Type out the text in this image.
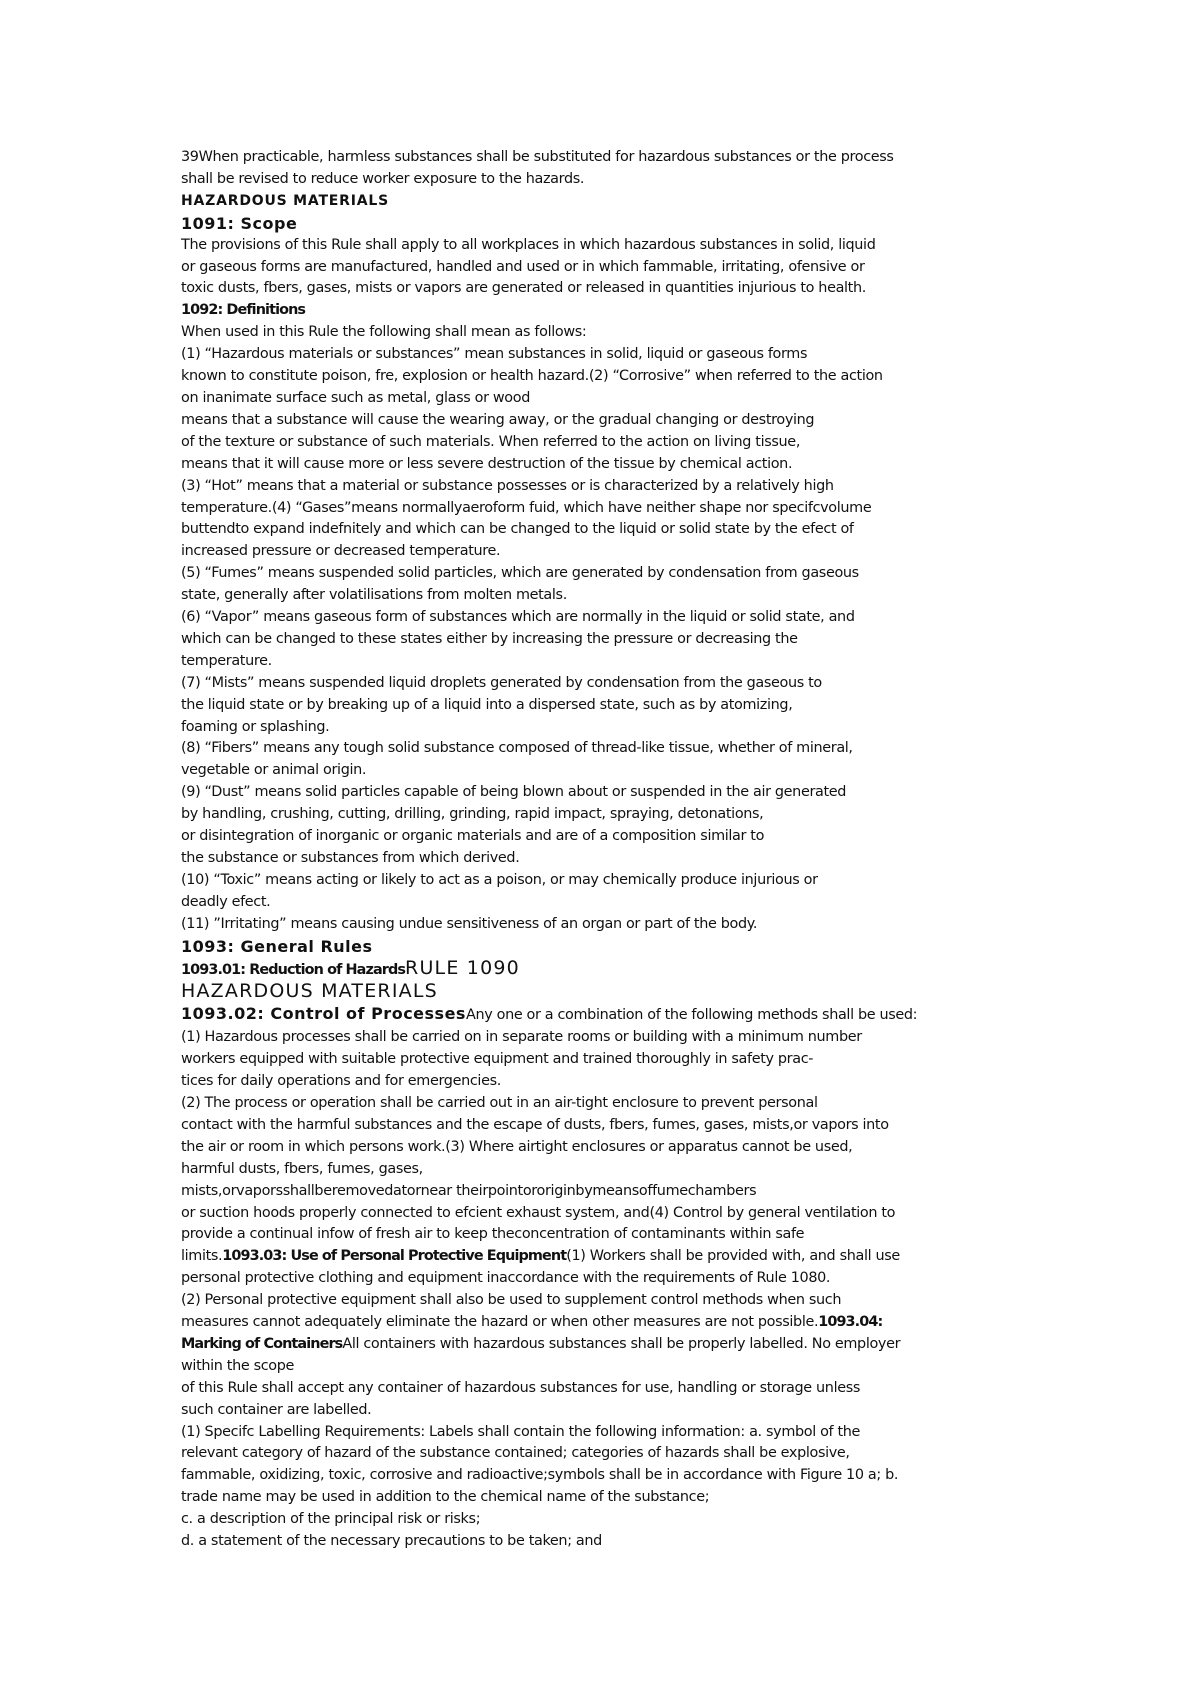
39When practicable, harmless substances shall be substituted for hazardous substances or the process

shall be revised to reduce worker exposure to the hazards.

HAZARDOUS MATERIALS

1091: Scope

The provisions of this Rule shall apply to all workplaces in which hazardous substances in solid, liquid

or gaseous forms are manufactured, handled and used or in which fammable, irritating, ofensive or

toxic dusts, fbers, gases, mists or vapors are generated or released in quantities injurious to health.

1092: Definitions

When used in this Rule the following shall mean as follows:

(1) “Hazardous materials or substances” mean substances in solid, liquid or gaseous forms

known to constitute poison, fre, explosion or health hazard.(2) “Corrosive” when referred to the action

on inanimate surface such as metal, glass or wood

means that a substance will cause the wearing away, or the gradual changing or destroying

of the texture or substance of such materials. When referred to the action on living tissue,

means that it will cause more or less severe destruction of the tissue by chemical action.

(3) “Hot” means that a material or substance possesses or is characterized by a relatively high

temperature.(4) “Gases”means normallyaeroform fuid, which have neither shape nor specifcvolume

buttendto expand indefnitely and which can be changed to the liquid or solid state by the efect of

increased pressure or decreased temperature.

(5) “Fumes” means suspended solid particles, which are generated by condensation from gaseous

state, generally after volatilisations from molten metals.

(6) “Vapor” means gaseous form of substances which are normally in the liquid or solid state, and

which can be changed to these states either by increasing the pressure or decreasing the

temperature.

(7) “Mists” means suspended liquid droplets generated by condensation from the gaseous to

the liquid state or by breaking up of a liquid into a dispersed state, such as by atomizing,

foaming or splashing.

(8) “Fibers” means any tough solid substance composed of thread-like tissue, whether of mineral,

vegetable or animal origin.

(9) “Dust” means solid particles capable of being blown about or suspended in the air generated

by handling, crushing, cutting, drilling, grinding, rapid impact, spraying, detonations,

or disintegration of inorganic or organic materials and are of a composition similar to

the substance or substances from which derived.

(10) “Toxic” means acting or likely to act as a poison, or may chemically produce injurious or

deadly efect.

(11) ”Irritating” means causing undue sensitiveness of an organ or part of the body.

1093: General Rules

1093.01: Reduction of HazardsRULE 1090

HAZARDOUS MATERIALS

1093.02: Control of ProcessesAny one or a combination of the following methods shall be used:

(1) Hazardous processes shall be carried on in separate rooms or building with a minimum number

workers equipped with suitable protective equipment and trained thoroughly in safety prac-

tices for daily operations and for emergencies.

(2) The process or operation shall be carried out in an air-tight enclosure to prevent personal

contact with the harmful substances and the escape of dusts, fbers, fumes, gases, mists,or vapors into

the air or room in which persons work.(3) Where airtight enclosures or apparatus cannot be used,

harmful dusts, fbers, fumes, gases,

mists,orvaporsshallberemovedatornear theirpointororiginbymeansoffumechambers

or suction hoods properly connected to efcient exhaust system, and(4) Control by general ventilation to

provide a continual infow of fresh air to keep theconcentration of contaminants within safe

limits.1093.03: Use of Personal Protective Equipment(1) Workers shall be provided with, and shall use

personal protective clothing and equipment inaccordance with the requirements of Rule 1080.

(2) Personal protective equipment shall also be used to supplement control methods when such

measures cannot adequately eliminate the hazard or when other measures are not possible.1093.04:

Marking of ContainersAll containers with hazardous substances shall be properly labelled. No employer

within the scope

of this Rule shall accept any container of hazardous substances for use, handling or storage unless

such container are labelled.

(1) Specifc Labelling Requirements: Labels shall contain the following information: a. symbol of the

relevant category of hazard of the substance contained; categories of hazards shall be explosive,

fammable, oxidizing, toxic, corrosive and radioactive;symbols shall be in accordance with Figure 10 a; b.

trade name may be used in addition to the chemical name of the substance;

c. a description of the principal risk or risks;

d. a statement of the necessary precautions to be taken; and
